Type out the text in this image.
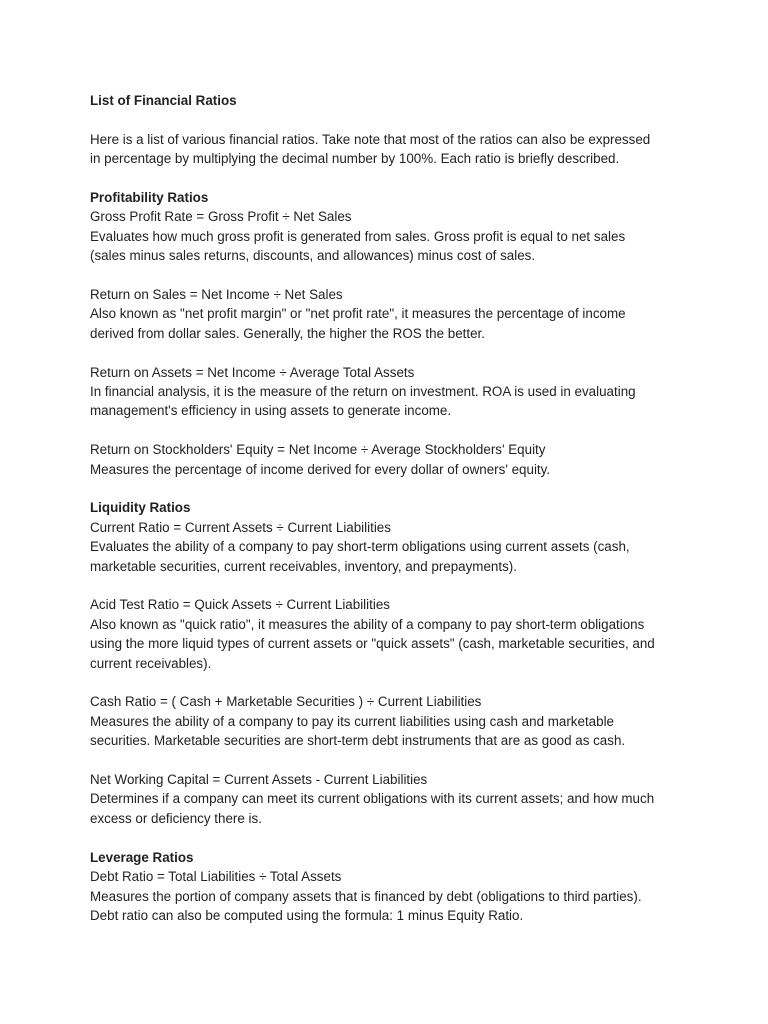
List of Financial Ratios

Here is a list of various financial ratios. Take note that most of the ratios can also be expressed
in percentage by multiplying the decimal number by 100%. Each ratio is briefly described.

Profitability Ratios

Gross Profit Rate = Gross Profit ÷ Net Sales
Evaluates how much gross profit is generated from sales. Gross profit is equal to net sales
(sales minus sales returns, discounts, and allowances) minus cost of sales.
Return on Sales = Net Income ÷ Net Sales
Also known as "net profit margin" or "net profit rate", it measures the percentage of income
derived from dollar sales. Generally, the higher the ROS the better.
Return on Assets = Net Income ÷ Average Total Assets
In financial analysis, it is the measure of the return on investment. ROA is used in evaluating
management's efficiency in using assets to generate income.
Return on Stockholders' Equity = Net Income ÷ Average Stockholders' Equity
Measures the percentage of income derived for every dollar of owners' equity.

Liquidity Ratios

Current Ratio = Current Assets ÷ Current Liabilities
Evaluates the ability of a company to pay short-term obligations using current assets (cash,
marketable securities, current receivables, inventory, and prepayments).
Acid Test Ratio = Quick Assets ÷ Current Liabilities
Also known as "quick ratio", it measures the ability of a company to pay short-term obligations
using the more liquid types of current assets or "quick assets" (cash, marketable securities, and
current receivables).
Cash Ratio = ( Cash + Marketable Securities ) ÷ Current Liabilities
Measures the ability of a company to pay its current liabilities using cash and marketable
securities. Marketable securities are short-term debt instruments that are as good as cash.
Net Working Capital = Current Assets - Current Liabilities
Determines if a company can meet its current obligations with its current assets; and how much
excess or deficiency there is.

Leverage Ratios

Debt Ratio = Total Liabilities ÷ Total Assets
Measures the portion of company assets that is financed by debt (obligations to third parties).
Debt ratio can also be computed using the formula: 1 minus Equity Ratio.
